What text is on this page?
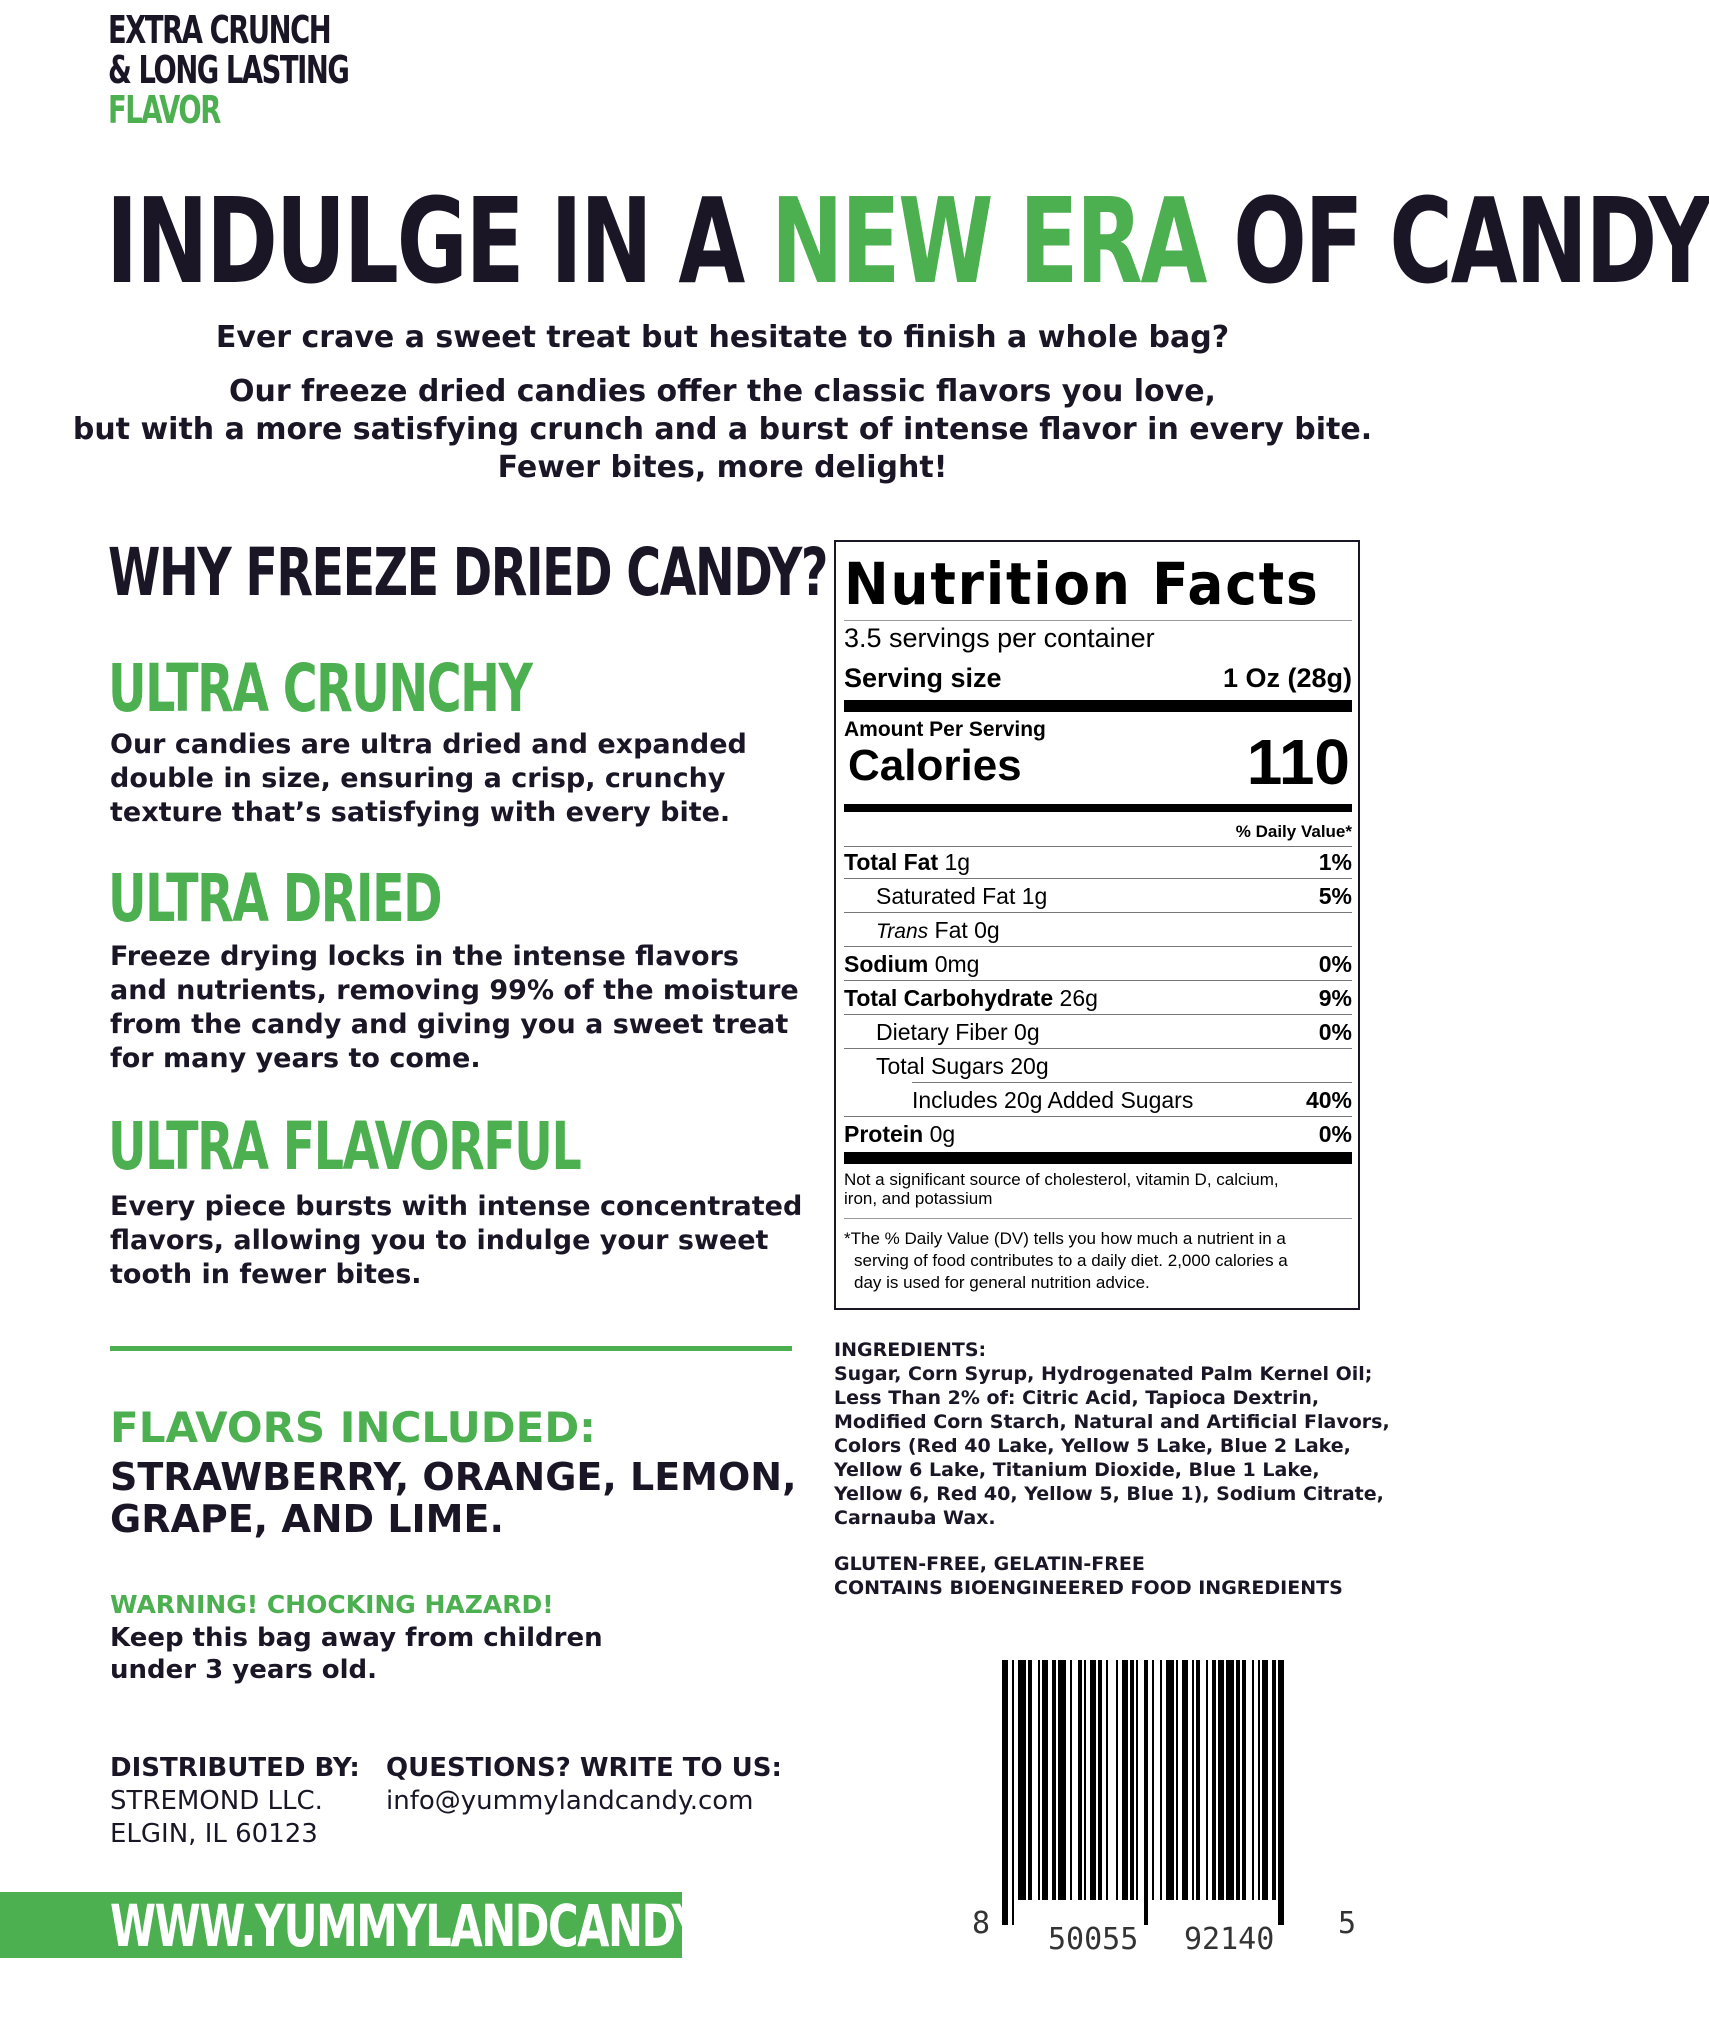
EXTRA CRUNCH
& LONG LASTING
FLAVOR
INDULGE IN A NEW ERA OF CANDY
Ever crave a sweet treat but hesitate to finish a whole bag?
Our freeze dried candies offer the classic flavors you love,
but with a more satisfying crunch and a burst of intense flavor in every bite.
Fewer bites, more delight!
WHY FREEZE DRIED CANDY?
ULTRA CRUNCHY
Our candies are ultra dried and expanded
double in size, ensuring a crisp, crunchy
texture that’s satisfying with every bite.
ULTRA DRIED
Freeze drying locks in the intense flavors
and nutrients, removing 99% of the moisture
from the candy and giving you a sweet treat
for many years to come.
ULTRA FLAVORFUL
Every piece bursts with intense concentrated
flavors, allowing you to indulge your sweet
tooth in fewer bites.
FLAVORS INCLUDED:
STRAWBERRY, ORANGE, LEMON,
GRAPE, AND LIME.
WARNING! CHOCKING HAZARD!
Keep this bag away from children
under 3 years old.
DISTRIBUTED BY:
STREMOND LLC.
ELGIN, IL 60123
QUESTIONS? WRITE TO US:
info@yummylandcandy.com
WWW.YUMMYLANDCANDY.COM
Nutrition Facts
3.5 servings per container
Serving size	1 Oz (28g)
Amount Per Serving
Calories	110
% Daily Value*
Total Fat 1g	1%
Saturated Fat 1g	5%
Trans Fat 0g
Sodium 0mg	0%
Total Carbohydrate 26g	9%
Dietary Fiber 0g	0%
Total Sugars 20g
Includes 20g Added Sugars	40%
Protein 0g	0%
Not a significant source of cholesterol, vitamin D, calcium,
iron, and potassium
*The % Daily Value (DV) tells you how much a nutrient in a
serving of food contributes to a daily diet. 2,000 calories a
day is used for general nutrition advice.
INGREDIENTS:
Sugar, Corn Syrup, Hydrogenated Palm Kernel Oil;
Less Than 2% of: Citric Acid, Tapioca Dextrin,
Modified Corn Starch, Natural and Artificial Flavors,
Colors (Red 40 Lake, Yellow 5 Lake, Blue 2 Lake,
Yellow 6 Lake, Titanium Dioxide, Blue 1 Lake,
Yellow 6, Red 40, Yellow 5, Blue 1), Sodium Citrate,
Carnauba Wax.
GLUTEN-FREE, GELATIN-FREE
CONTAINS BIOENGINEERED FOOD INGREDIENTS
8 50055 92140 5
